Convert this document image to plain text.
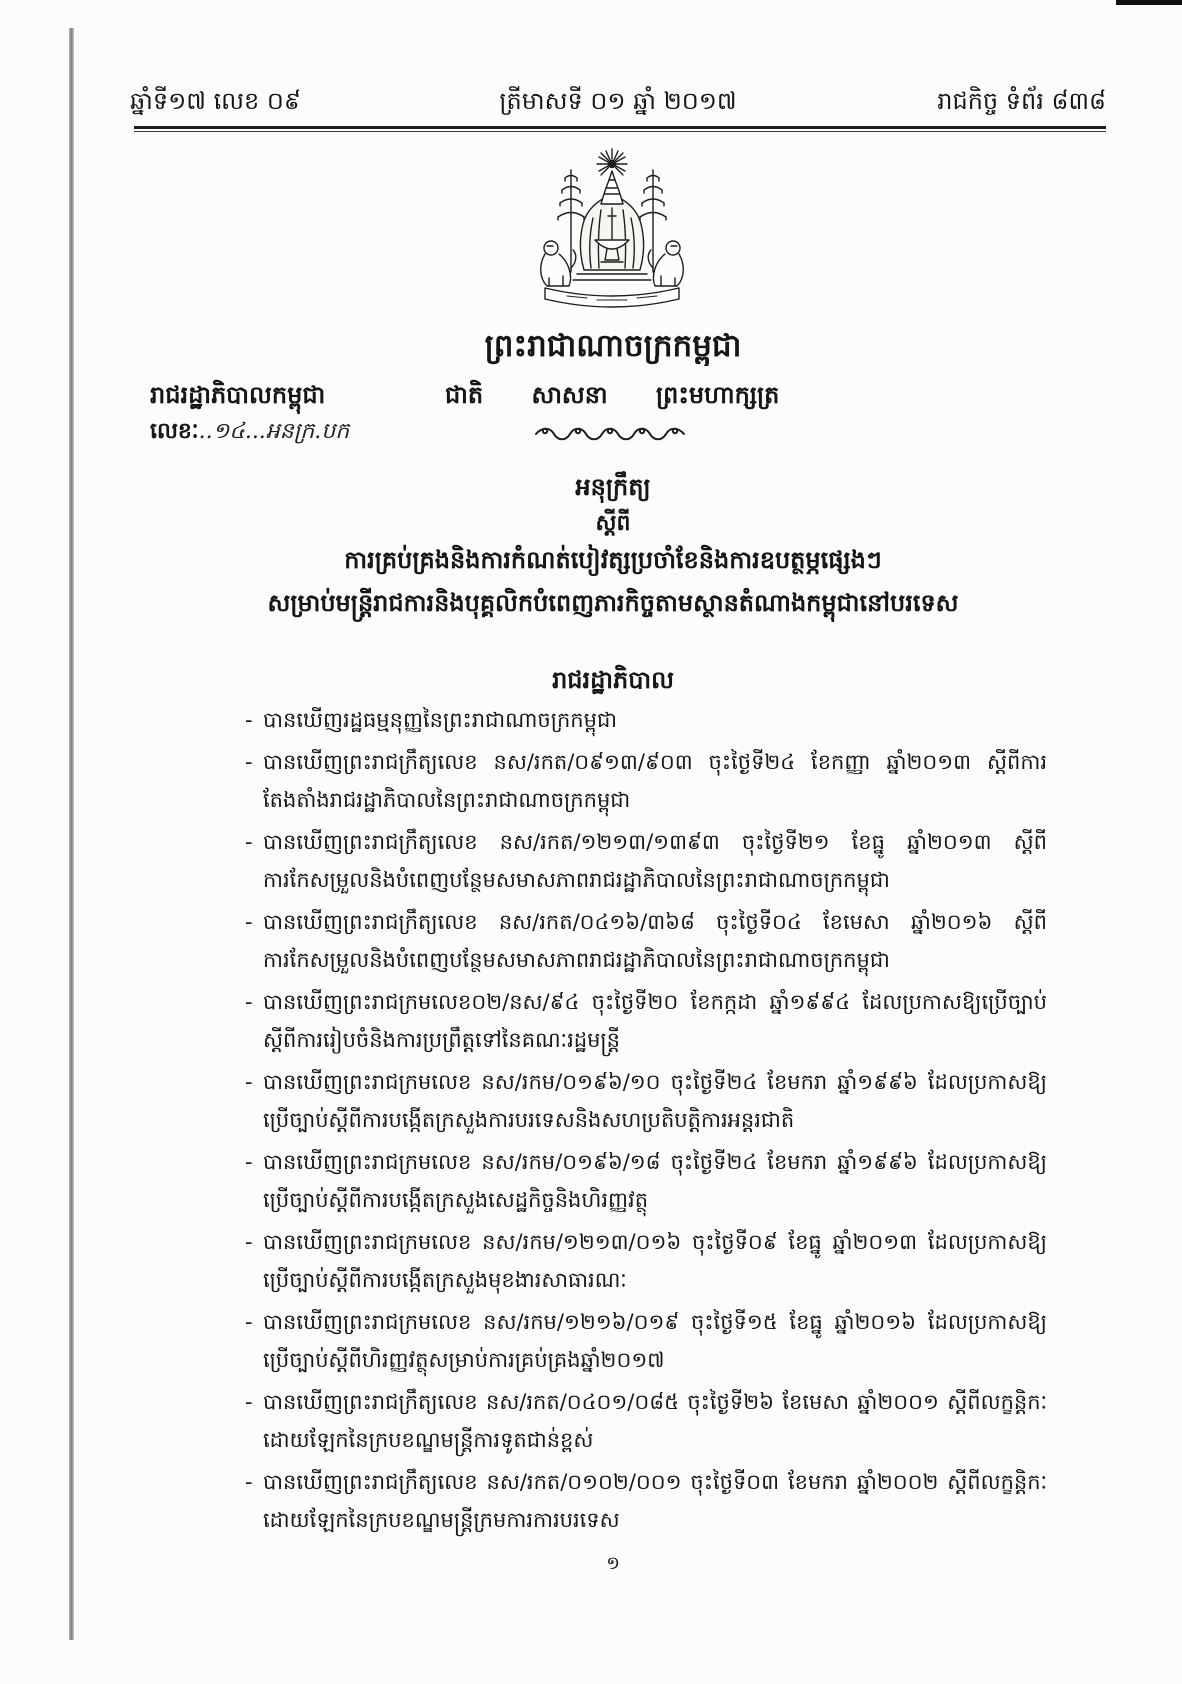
ឆ្នាំទី១៧ លេខ ០៩	ត្រីមាសទី ០១ ឆ្នាំ ២០១៧	រាជកិច្ច ទំព័រ ៨៣៨
ព្រះរាជាណាចក្រកម្ពុជា
រាជរដ្ឋាភិបាលកម្ពុជា	ជាតិ សាសនា ព្រះមហាក្សត្រ
លេខៈ..១៤...អនក្រ.បក
អនុក្រឹត្យ
ស្តីពី
ការគ្រប់គ្រងនិងការកំណត់បៀវត្សប្រចាំខែនិងការឧបត្ថម្ភផ្សេងៗ
សម្រាប់មន្ត្រីរាជការនិងបុគ្គលិកបំពេញភារកិច្ចតាមស្ថានតំណាងកម្ពុជានៅបរទេស
រាជរដ្ឋាភិបាល
- បានឃើញរដ្ឋធម្មនុញ្ញនៃព្រះរាជាណាចក្រកម្ពុជា
- បានឃើញព្រះរាជក្រឹត្យលេខ នស/រកត/០៩១៣/៩០៣ ចុះថ្ងៃទី២៤ ខែកញ្ញា ឆ្នាំ២០១៣ ស្តីពីការតែងតាំងរាជរដ្ឋាភិបាលនៃព្រះរាជាណាចក្រកម្ពុជា
- បានឃើញព្រះរាជក្រឹត្យលេខ នស/រកត/១២១៣/១៣៩៣ ចុះថ្ងៃទី២១ ខែធ្នូ ឆ្នាំ២០១៣ ស្តីពីការកែសម្រួលនិងបំពេញបន្ថែមសមាសភាពរាជរដ្ឋាភិបាលនៃព្រះរាជាណាចក្រកម្ពុជា
- បានឃើញព្រះរាជក្រឹត្យលេខ នស/រកត/០៤១៦/៣៦៨ ចុះថ្ងៃទី០៤ ខែមេសា ឆ្នាំ២០១៦ ស្តីពីការកែសម្រួលនិងបំពេញបន្ថែមសមាសភាពរាជរដ្ឋាភិបាលនៃព្រះរាជាណាចក្រកម្ពុជា
- បានឃើញព្រះរាជក្រមលេខ០២/នស/៩៤ ចុះថ្ងៃទី២០ ខែកក្កដា ឆ្នាំ១៩៩៤ ដែលប្រកាសឱ្យប្រើច្បាប់ស្តីពីការរៀបចំនិងការប្រព្រឹត្តទៅនៃគណៈរដ្ឋមន្ត្រី
- បានឃើញព្រះរាជក្រមលេខ នស/រកម/០១៩៦/១០ ចុះថ្ងៃទី២៤ ខែមករា ឆ្នាំ១៩៩៦ ដែលប្រកាសឱ្យប្រើច្បាប់ស្តីពីការបង្កើតក្រសួងការបរទេសនិងសហប្រតិបត្តិការអន្តរជាតិ
- បានឃើញព្រះរាជក្រមលេខ នស/រកម/០១៩៦/១៨ ចុះថ្ងៃទី២៤ ខែមករា ឆ្នាំ១៩៩៦ ដែលប្រកាសឱ្យប្រើច្បាប់ស្តីពីការបង្កើតក្រសួងសេដ្ឋកិច្ចនិងហិរញ្ញវត្ថុ
- បានឃើញព្រះរាជក្រមលេខ នស/រកម/១២១៣/០១៦ ចុះថ្ងៃទី០៩ ខែធ្នូ ឆ្នាំ២០១៣ ដែលប្រកាសឱ្យប្រើច្បាប់ស្តីពីការបង្កើតក្រសួងមុខងារសាធារណៈ
- បានឃើញព្រះរាជក្រមលេខ នស/រកម/១២១៦/០១៩ ចុះថ្ងៃទី១៥ ខែធ្នូ ឆ្នាំ២០១៦ ដែលប្រកាសឱ្យប្រើច្បាប់ស្តីពីហិរញ្ញវត្ថុសម្រាប់ការគ្រប់គ្រងឆ្នាំ២០១៧
- បានឃើញព្រះរាជក្រឹត្យលេខ នស/រកត/០៤០១/០៨៥ ចុះថ្ងៃទី២៦ ខែមេសា ឆ្នាំ២០០១ ស្តីពីលក្ខន្តិកៈដោយឡែកនៃក្របខណ្ឌមន្ត្រីការទូតជាន់ខ្ពស់
- បានឃើញព្រះរាជក្រឹត្យលេខ នស/រកត/០១០២/០០១ ចុះថ្ងៃទី០៣ ខែមករា ឆ្នាំ២០០២ ស្តីពីលក្ខន្តិកៈដោយឡែកនៃក្របខណ្ឌមន្ត្រីក្រមការការបរទេស
១
